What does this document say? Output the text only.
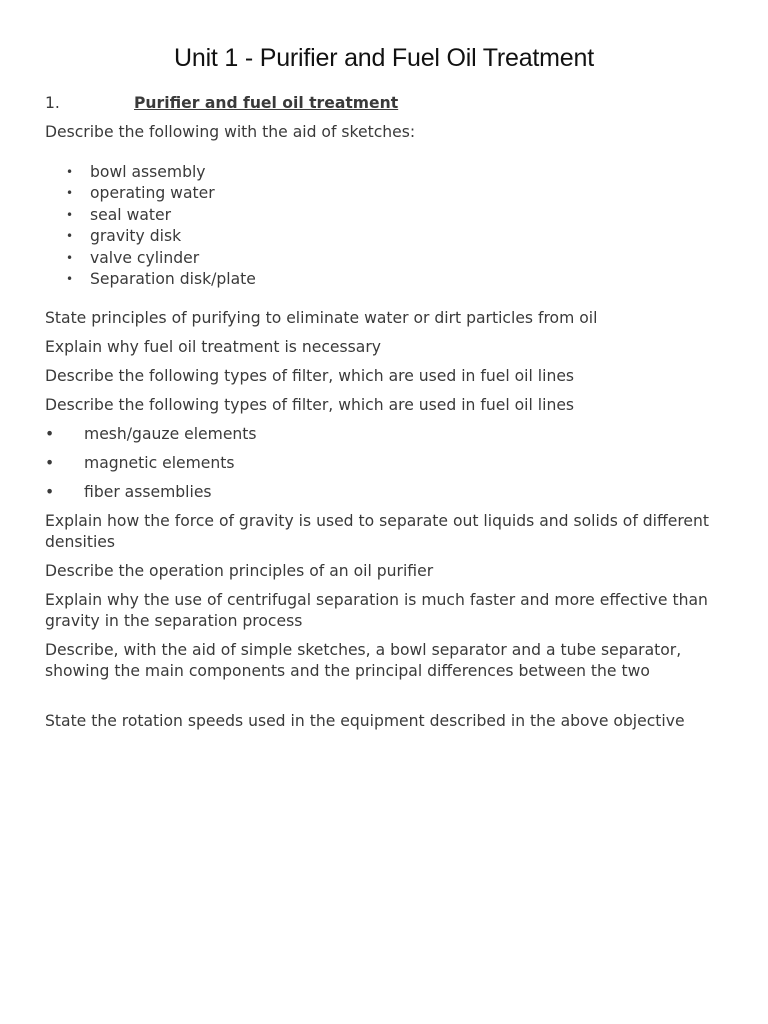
Unit 1 - Purifier and Fuel Oil Treatment
1.	Purifier and fuel oil treatment
Describe the following with the aid of sketches:
• bowl assembly
• operating water
• seal water
• gravity disk
• valve cylinder
• Separation disk/plate
State principles of purifying to eliminate water or dirt particles from oil
Explain why fuel oil treatment is necessary
Describe the following types of filter, which are used in fuel oil lines
Describe the following types of filter, which are used in fuel oil lines
• mesh/gauze elements
• magnetic elements
• fiber assemblies
Explain how the force of gravity is used to separate out liquids and solids of different densities
Describe the operation principles of an oil purifier
Explain why the use of centrifugal separation is much faster and more effective than gravity in the separation process
Describe, with the aid of simple sketches, a bowl separator and a tube separator, showing the main components and the principal differences between the two
State the rotation speeds used in the equipment described in the above objective
